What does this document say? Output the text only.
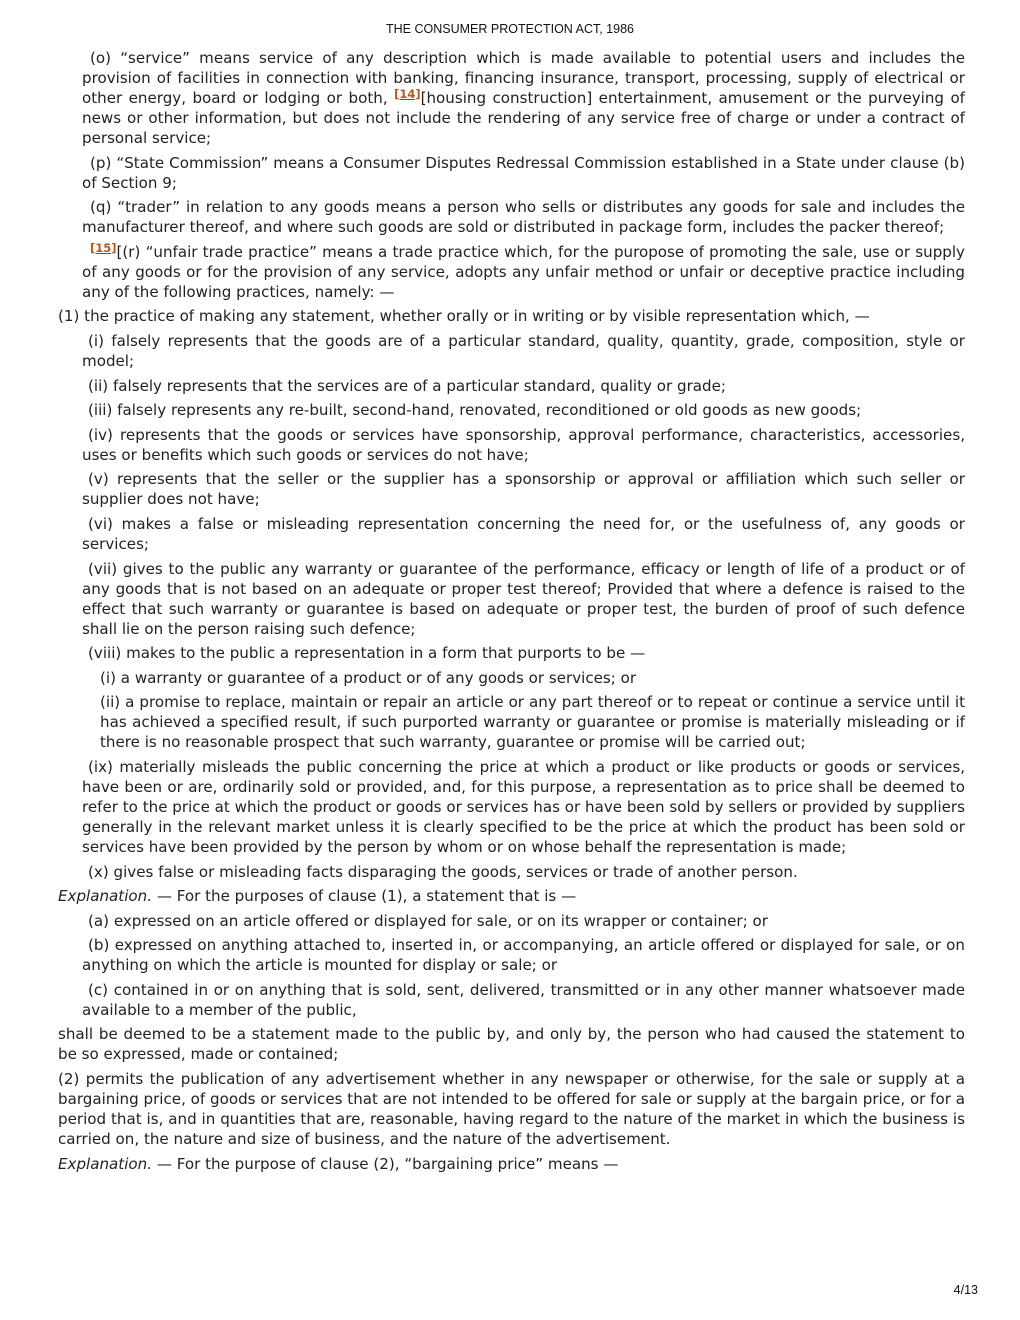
THE CONSUMER PROTECTION ACT, 1986

(o) “service” means service of any description which is made available to potential users and includes the provision of facilities in connection with banking, financing insurance, transport, processing, supply of electrical or other energy, board or lodging or both, [14][housing construction] entertainment, amusement or the purveying of news or other information, but does not include the rendering of any service free of charge or under a contract of personal service;

(p) “State Commission” means a Consumer Disputes Redressal Commission established in a State under clause (b) of Section 9;

(q) “trader” in relation to any goods means a person who sells or distributes any goods for sale and includes the manufacturer thereof, and where such goods are sold or distributed in package form, includes the packer thereof;

[15][(r) “unfair trade practice” means a trade practice which, for the puropose of promoting the sale, use or supply of any goods or for the provision of any service, adopts any unfair method or unfair or deceptive practice including any of the following practices, namely: —

(1) the practice of making any statement, whether orally or in writing or by visible representation which, —

(i) falsely represents that the goods are of a particular standard, quality, quantity, grade, composition, style or model;

(ii) falsely represents that the services are of a particular standard, quality or grade;

(iii) falsely represents any re-built, second-hand, renovated, reconditioned or old goods as new goods;

(iv) represents that the goods or services have sponsorship, approval performance, characteristics, accessories, uses or benefits which such goods or services do not have;

(v) represents that the seller or the supplier has a sponsorship or approval or affiliation which such seller or supplier does not have;

(vi) makes a false or misleading representation concerning the need for, or the usefulness of, any goods or services;

(vii) gives to the public any warranty or guarantee of the performance, efficacy or length of life of a product or of any goods that is not based on an adequate or proper test thereof; Provided that where a defence is raised to the effect that such warranty or guarantee is based on adequate or proper test, the burden of proof of such defence shall lie on the person raising such defence;

(viii) makes to the public a representation in a form that purports to be —

(i) a warranty or guarantee of a product or of any goods or services; or

(ii) a promise to replace, maintain or repair an article or any part thereof or to repeat or continue a service until it has achieved a specified result, if such purported warranty or guarantee or promise is materially misleading or if there is no reasonable prospect that such warranty, guarantee or promise will be carried out;

(ix) materially misleads the public concerning the price at which a product or like products or goods or services, have been or are, ordinarily sold or provided, and, for this purpose, a representation as to price shall be deemed to refer to the price at which the product or goods or services has or have been sold by sellers or provided by suppliers generally in the relevant market unless it is clearly specified to be the price at which the product has been sold or services have been provided by the person by whom or on whose behalf the representation is made;

(x) gives false or misleading facts disparaging the goods, services or trade of another person.

Explanation. — For the purposes of clause (1), a statement that is —

(a) expressed on an article offered or displayed for sale, or on its wrapper or container; or

(b) expressed on anything attached to, inserted in, or accompanying, an article offered or displayed for sale, or on anything on which the article is mounted for display or sale; or

(c) contained in or on anything that is sold, sent, delivered, transmitted or in any other manner whatsoever made available to a member of the public,

shall be deemed to be a statement made to the public by, and only by, the person who had caused the statement to be so expressed, made or contained;

(2) permits the publication of any advertisement whether in any newspaper or otherwise, for the sale or supply at a bargaining price, of goods or services that are not intended to be offered for sale or supply at the bargain price, or for a period that is, and in quantities that are, reasonable, having regard to the nature of the market in which the business is carried on, the nature and size of business, and the nature of the advertisement.

Explanation. — For the purpose of clause (2), “bargaining price” means —

4/13
